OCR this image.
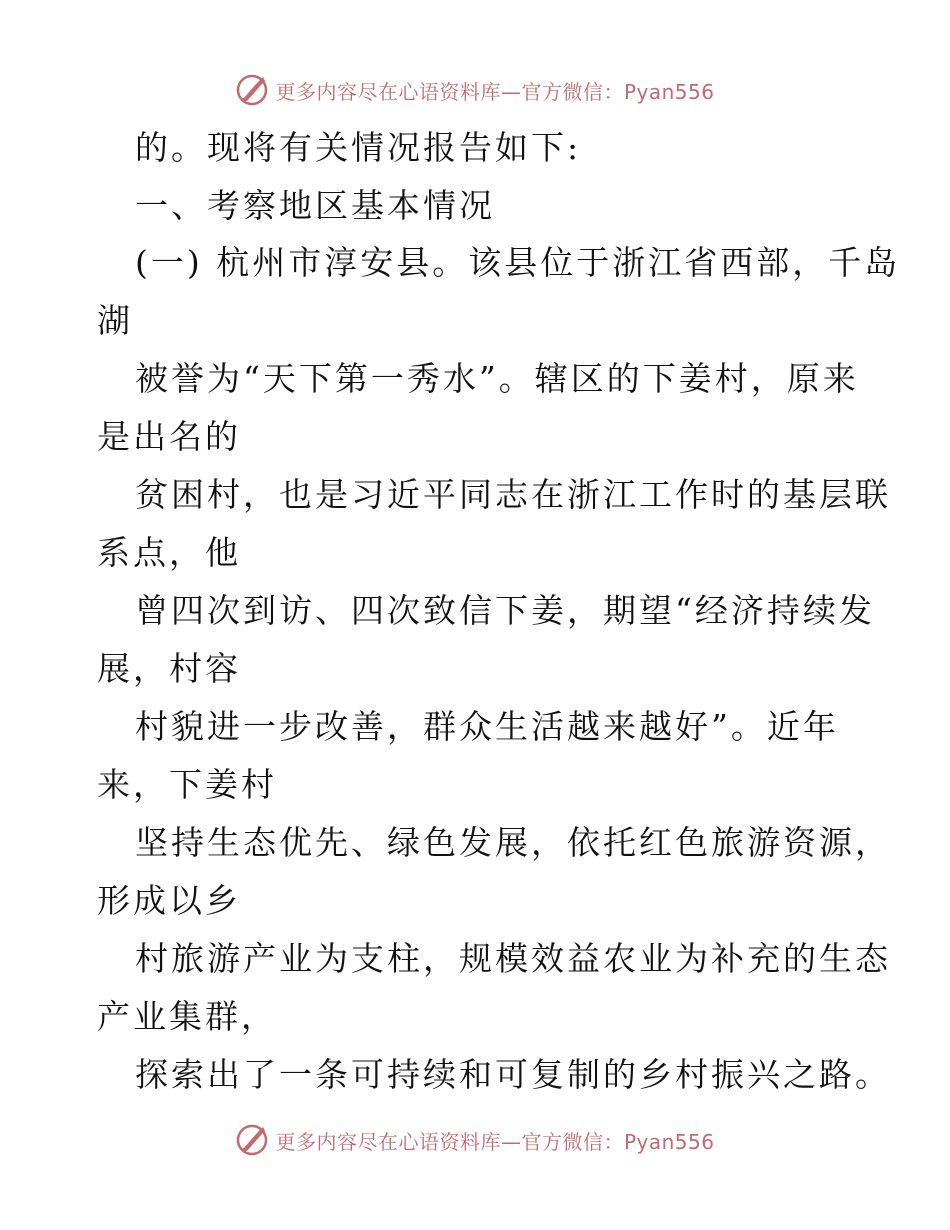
更多内容尽在心语资料库—官方微信：Pyan556
的。现将有关情况报告如下:
一、考察地区基本情况
(一) 杭州市淳安县。该县位于浙江省西部，千岛
湖
被誉为“天下第一秀水”。辖区的下姜村，原来
是出名的
贫困村，也是习近平同志在浙江工作时的基层联
系点，他
曾四次到访、四次致信下姜，期望“经济持续发
展，村容
村貌进一步改善，群众生活越来越好”。近年
来，下姜村
坚持生态优先、绿色发展，依托红色旅游资源，
形成以乡
村旅游产业为支柱，规模效益农业为补充的生态
产业集群，
探索出了一条可持续和可复制的乡村振兴之路。
更多内容尽在心语资料库—官方微信：Pyan556
